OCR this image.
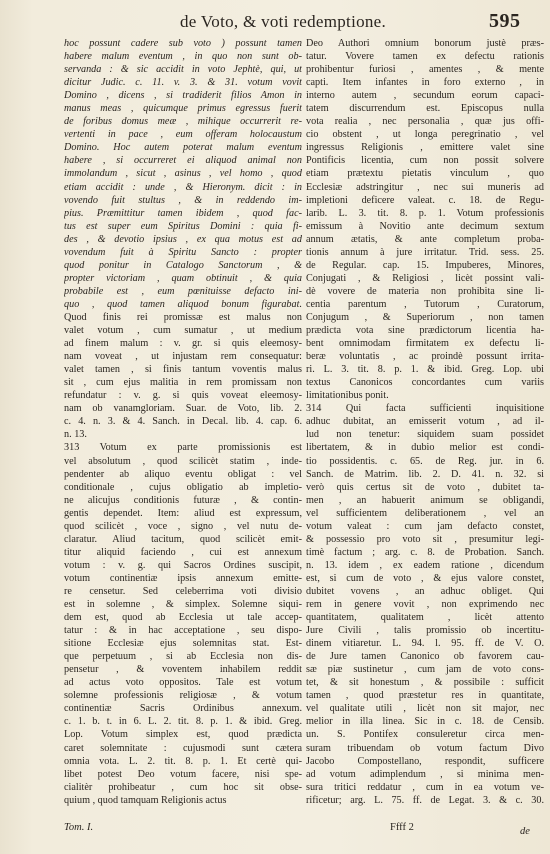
de Voto, & voti redemptione.	595
hoc possunt cadere sub voto ) possunt tamen
habere malum eventum , in quo non sunt ob-
servanda : & sic accidit in voto Jephtè, qui, ut
dicitur Judic. c. 11. v. 3. & 31. votum vovit
Domino , dicens , si tradiderit filios Amon in
manus meas , quicumque primus egressus fuerit
de foribus domus meæ , mihique occurrerit re-
vertenti in pace , eum offeram holocaustum
Domino. Hoc autem poterat malum eventum
habere , si occurreret ei aliquod animal non
immolandum , sicut , asinus , vel homo , quod
etiam accidit : unde , & Hieronym. dicit : in
vovendo fuit stultus , & in reddendo im-
pius. Præmittitur tamen ibidem , quod fac-
tus est super eum Spiritus Domini : quia fi-
des , & devotio ipsius , ex qua motus est ad
vovendum fuit à Spiritu Sancto : propter
quod ponitur in Catalogo Sanctorum , &
propter victoriam , quam obtinuit , & quia
probabile est , eum pœnituisse defacto ini-
quo , quod tamen aliquod bonum figurabat.
Quod finis rei promissæ est malus non
valet votum , cum sumatur , ut medium
ad finem malum : v. gr. si quis eleemosy-
nam voveat , ut injustam rem consequatur:
valet tamen , si finis tantum voventis malus
sit , cum ejus malitia in rem promissam non
refundatur : v. g. si quis voveat eleemosy-
nam ob vanamgloriam. Suar. de Voto, lib. 2.
c. 4. n. 3. & 4. Sanch. in Decal. lib. 4. cap. 6.
n. 13.
313 Votum ex parte promissionis est
vel absolutum , quod scilicèt statim , inde-
pendenter ab aliquo eventu obligat : vel
conditionale , cujus obligatio ab impletio-
ne alicujus conditionis futuræ , & contin-
gentis dependet. Item: aliud est expressum,
quod scilicèt , voce , signo , vel nutu de-
claratur. Aliud tacitum, quod scilicèt emit-
titur aliquid faciendo , cui est annexum
votum : v. g. qui Sacros Ordines suscipit,
votum continentiæ ipsis annexum emitte-
re censetur. Sed celeberrima voti divisio
est in solemne , & simplex. Solemne siqui-
dem est, quod ab Ecclesia ut tale accep-
tatur : & in hac acceptatione , seu dispo-
sitione Ecclesiæ ejus solemnitas stat. Est-
que perpetuum , si ab Ecclesia non dis-
pensetur , & voventem inhabilem reddit
ad actus voto oppositos. Tale est votum
solemne professionis religiosæ , & votum
continentiæ Sacris Ordinibus annexum.
c. 1. b. t. in 6. L. 2. tit. 8. p. 1. & ibid. Greg.
Lop. Votum simplex est, quod prædicta
caret solemnitate : cujusmodi sunt cætera
omnia vota. L. 2. tit. 8. p. 1. Et certè qui-
libet potest Deo votum facere, nisi spe-
cialitèr prohibeatur , cum hoc sit obse-
quium , quod tamquam Religionis actus
Deo Authori omnium bonorum justè præs-
tatur. Vovere tamen ex defectu rationis
prohibentur furiosi , amentes , & mente
capti. Item infantes in foro externo , in
interno autem , secundum eorum capaci-
tatem discurrendum est. Episcopus nulla
vota realia , nec personalia , quæ jus offi-
cio obstent , ut longa peregrinatio , vel
ingressus Religionis , emittere valet sine
Pontificis licentia, cum non possit solvere
etiam prætextu pietatis vinculum , quo
Ecclesiæ adstringitur , nec sui muneris ad
impletioni deficere valeat. c. 18. de Regu-
larib. L. 3. tit. 8. p. 1. Votum professionis
emissum à Novitio ante decimum sextum
annum ætatis, & ante completum proba-
tionis annum à jure irritatur. Trid. sess. 25.
de Regular. cap. 15. Impuberes, Minores,
Conjugati , & Religiosi , licèt possint vali-
dè vovere de materia non prohibita sine li-
centia parentum , Tutorum , Curatorum,
Conjugum , & Superiorum , non tamen
prædicta vota sine prædictorum licentia ha-
bent omnimodam firmitatem ex defectu li-
beræ voluntatis , ac proindè possunt irrita-
ri. L. 3. tit. 8. p. 1. & ibid. Greg. Lop. ubi
textus Canonicos concordantes cum variis
limitationibus ponit.
314 Qui facta sufficienti inquisitione
adhuc dubitat, an emisserit votum , ad il-
lud non tenetur: siquidem suam possidet
libertatem, & in dubio melior est condi-
tio possidentis. c. 65. de Reg. jur. in 6.
Sanch. de Matrim. lib. 2. D. 41. n. 32. si
verò quis certus sit de voto , dubitet ta-
men , an habuerit animum se obligandi,
vel sufficientem deliberationem , vel an
votum valeat : cum jam defacto constet,
& possessio pro voto sit , presumitur legi-
timè factum ; arg. c. 8. de Probation. Sanch.
n. 13. idem , ex eadem ratione , dicendum
est, si cum de voto , & ejus valore constet,
dubitet vovens , an adhuc obliget. Qui
rem in genere vovit , non exprimendo nec
quantitatem, qualitatem , licèt attento
Jure Civili , talis promissio ob incertitu-
dinem vitiaretur. L. 94. l. 95. ff. de V. O.
de Jure tamen Canonico ob favorem cau-
sæ piæ sustinetur , cum jam de voto cons-
tet, & sit honestum , & possibile : sufficit
tamen , quod præstetur res in quantitate,
vel qualitate utili , licèt non sit major, nec
melior in illa linea. Sic in c. 18. de Censib.
un. S. Pontifex consuleretur circa men-
suram tribuendam ob votum factum Divo
Jacobo Compostellano, respondit, sufficere
ad votum adimplendum , si minima men-
sura tritici reddatur , cum in ea votum ve-
rificetur; arg. L. 75. ff. de Legat. 3. & c. 30.
Tom. I.	Ffff 2	de
